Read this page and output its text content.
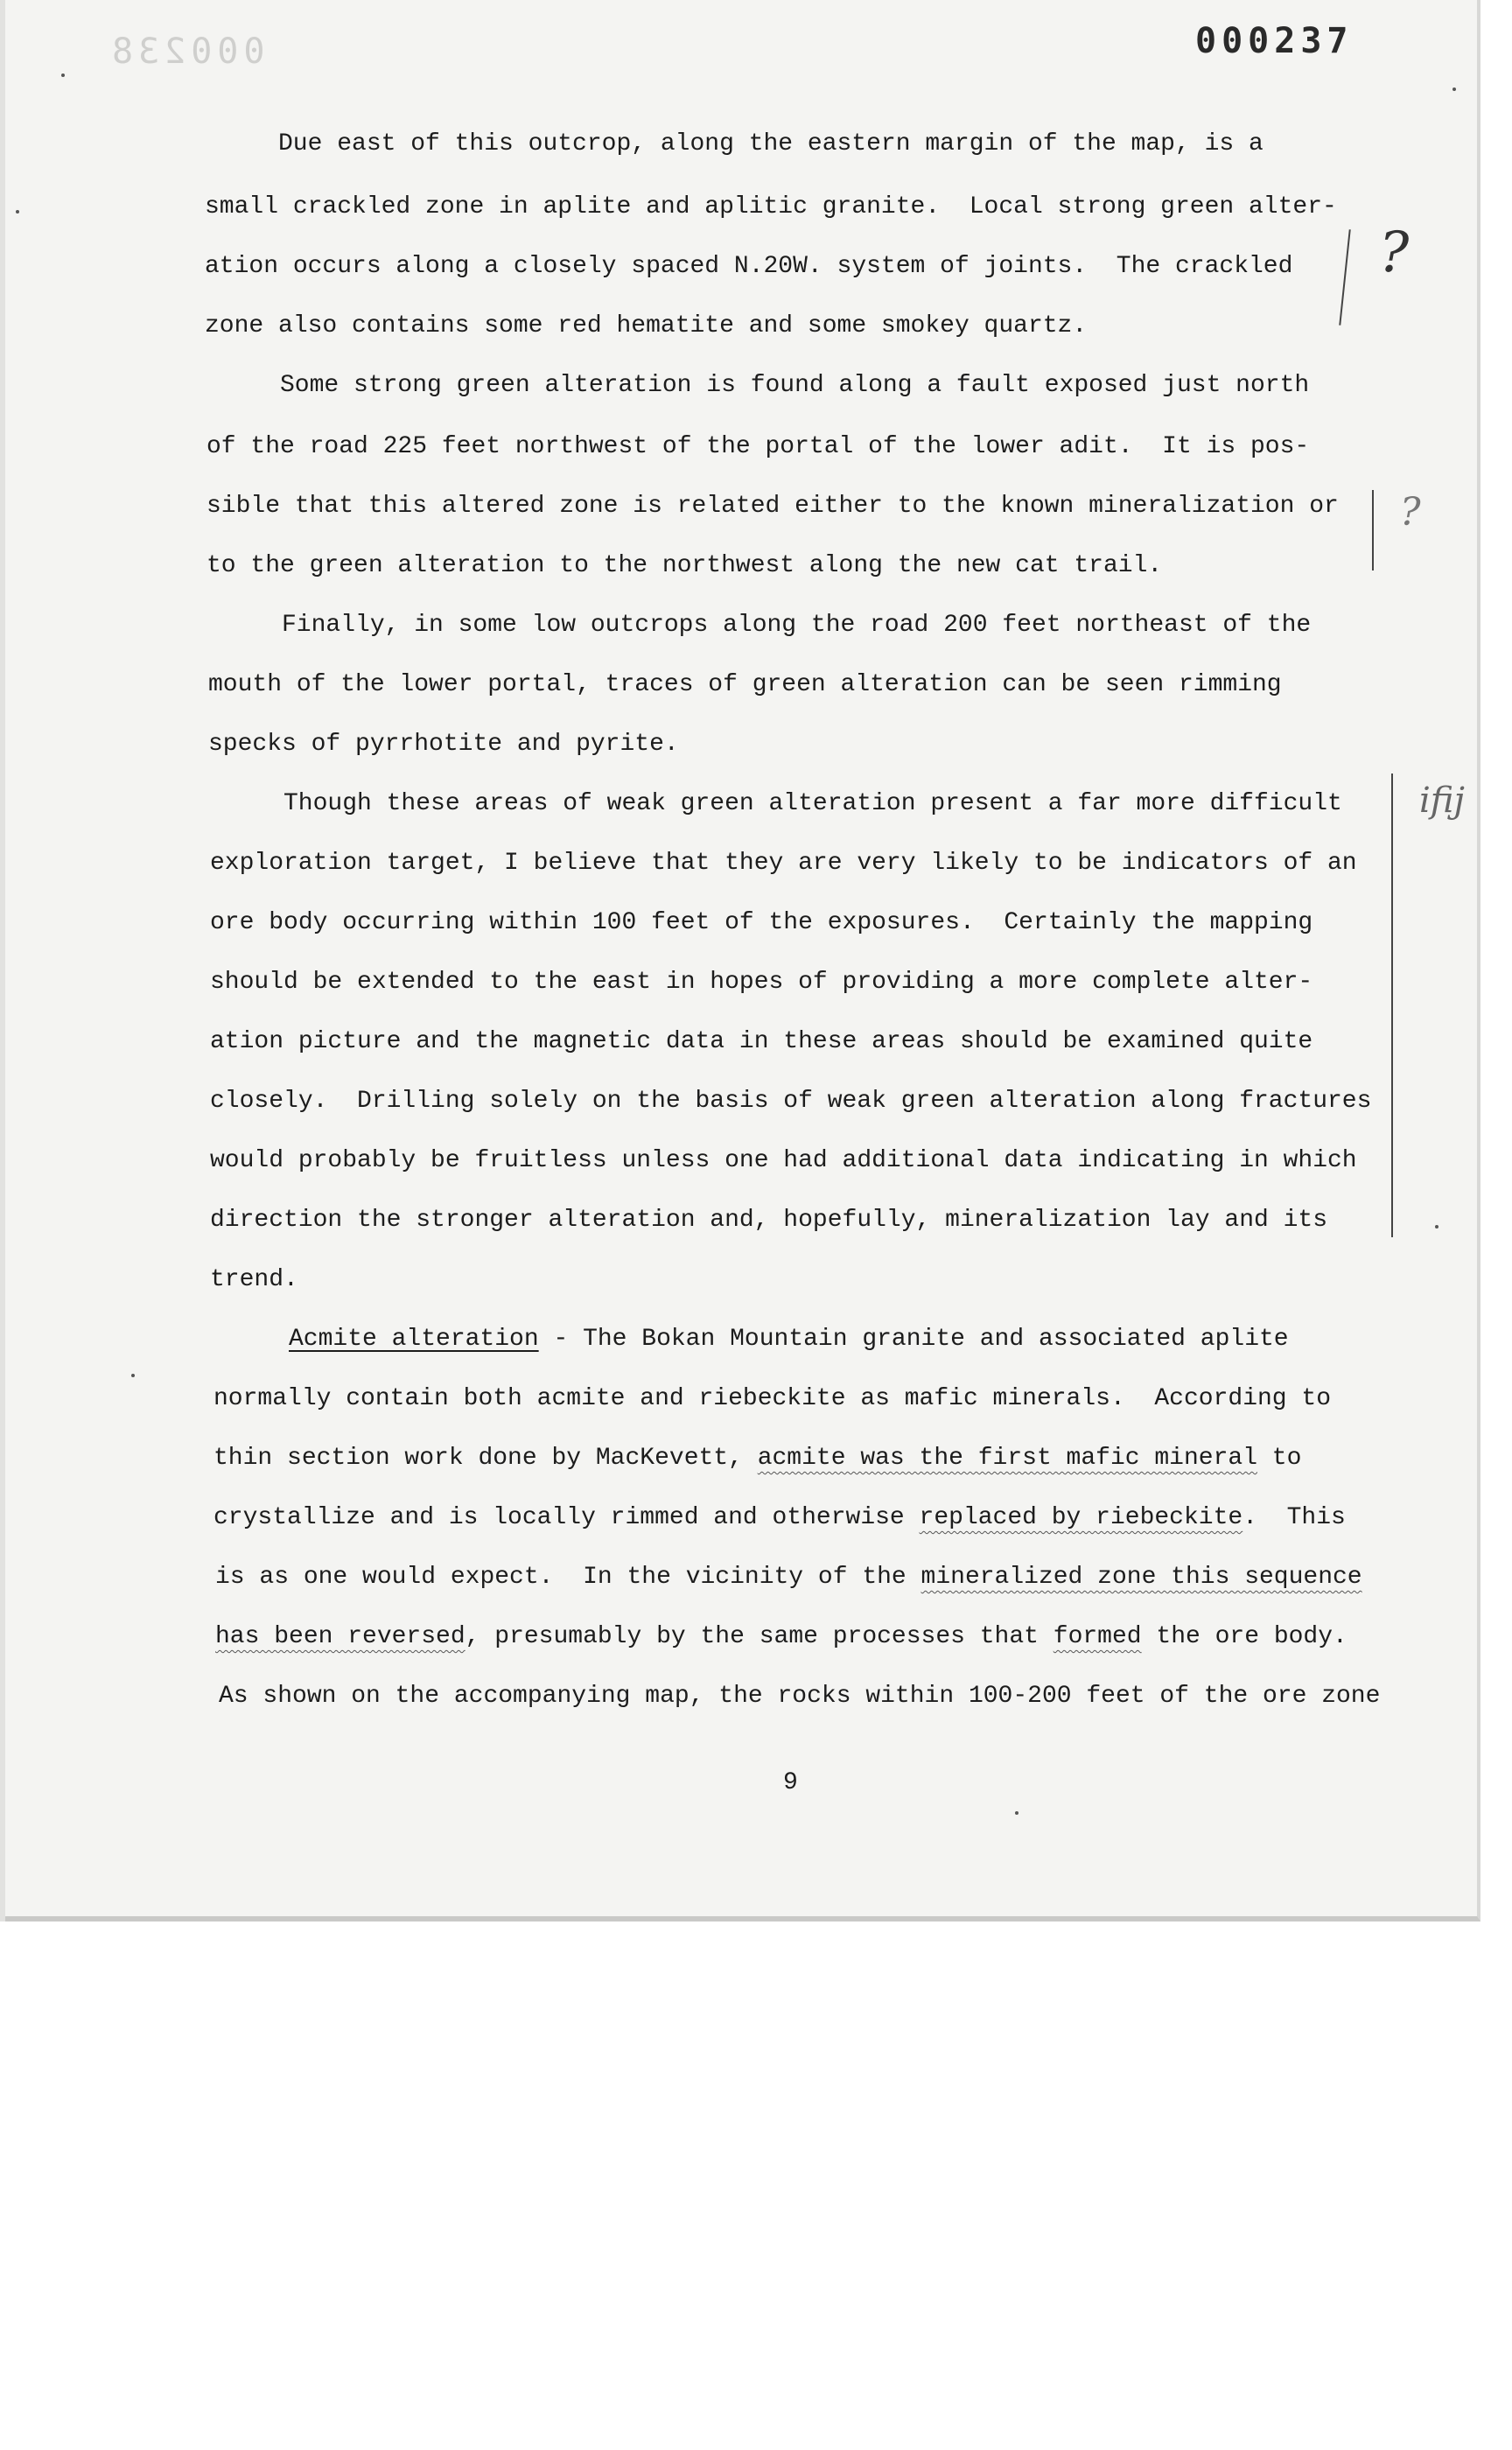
000238	000237
Due east of this outcrop, along the eastern margin of the map, is a
small crackled zone in aplite and aplitic granite.  Local strong green alter-
ation occurs along a closely spaced N.20W. system of joints.  The crackled
zone also contains some red hematite and some smokey quartz.
Some strong green alteration is found along a fault exposed just north
of the road 225 feet northwest of the portal of the lower adit.  It is pos-
sible that this altered zone is related either to the known mineralization or
to the green alteration to the northwest along the new cat trail.
Finally, in some low outcrops along the road 200 feet northeast of the
mouth of the lower portal, traces of green alteration can be seen rimming
specks of pyrrhotite and pyrite.
Though these areas of weak green alteration present a far more difficult
exploration target, I believe that they are very likely to be indicators of an
ore body occurring within 100 feet of the exposures.  Certainly the mapping
should be extended to the east in hopes of providing a more complete alter-
ation picture and the magnetic data in these areas should be examined quite
closely.  Drilling solely on the basis of weak green alteration along fractures
would probably be fruitless unless one had additional data indicating in which
direction the stronger alteration and, hopefully, mineralization lay and its
trend.
Acmite alteration - The Bokan Mountain granite and associated aplite
normally contain both acmite and riebeckite as mafic minerals.  According to
thin section work done by MacKevett, acmite was the first mafic mineral to
crystallize and is locally rimmed and otherwise replaced by riebeckite.  This
is as one would expect.  In the vicinity of the mineralized zone this sequence
has been reversed, presumably by the same processes that formed the ore body.
As shown on the accompanying map, the rocks within 100-200 feet of the ore zone
9
?
?
ifij
